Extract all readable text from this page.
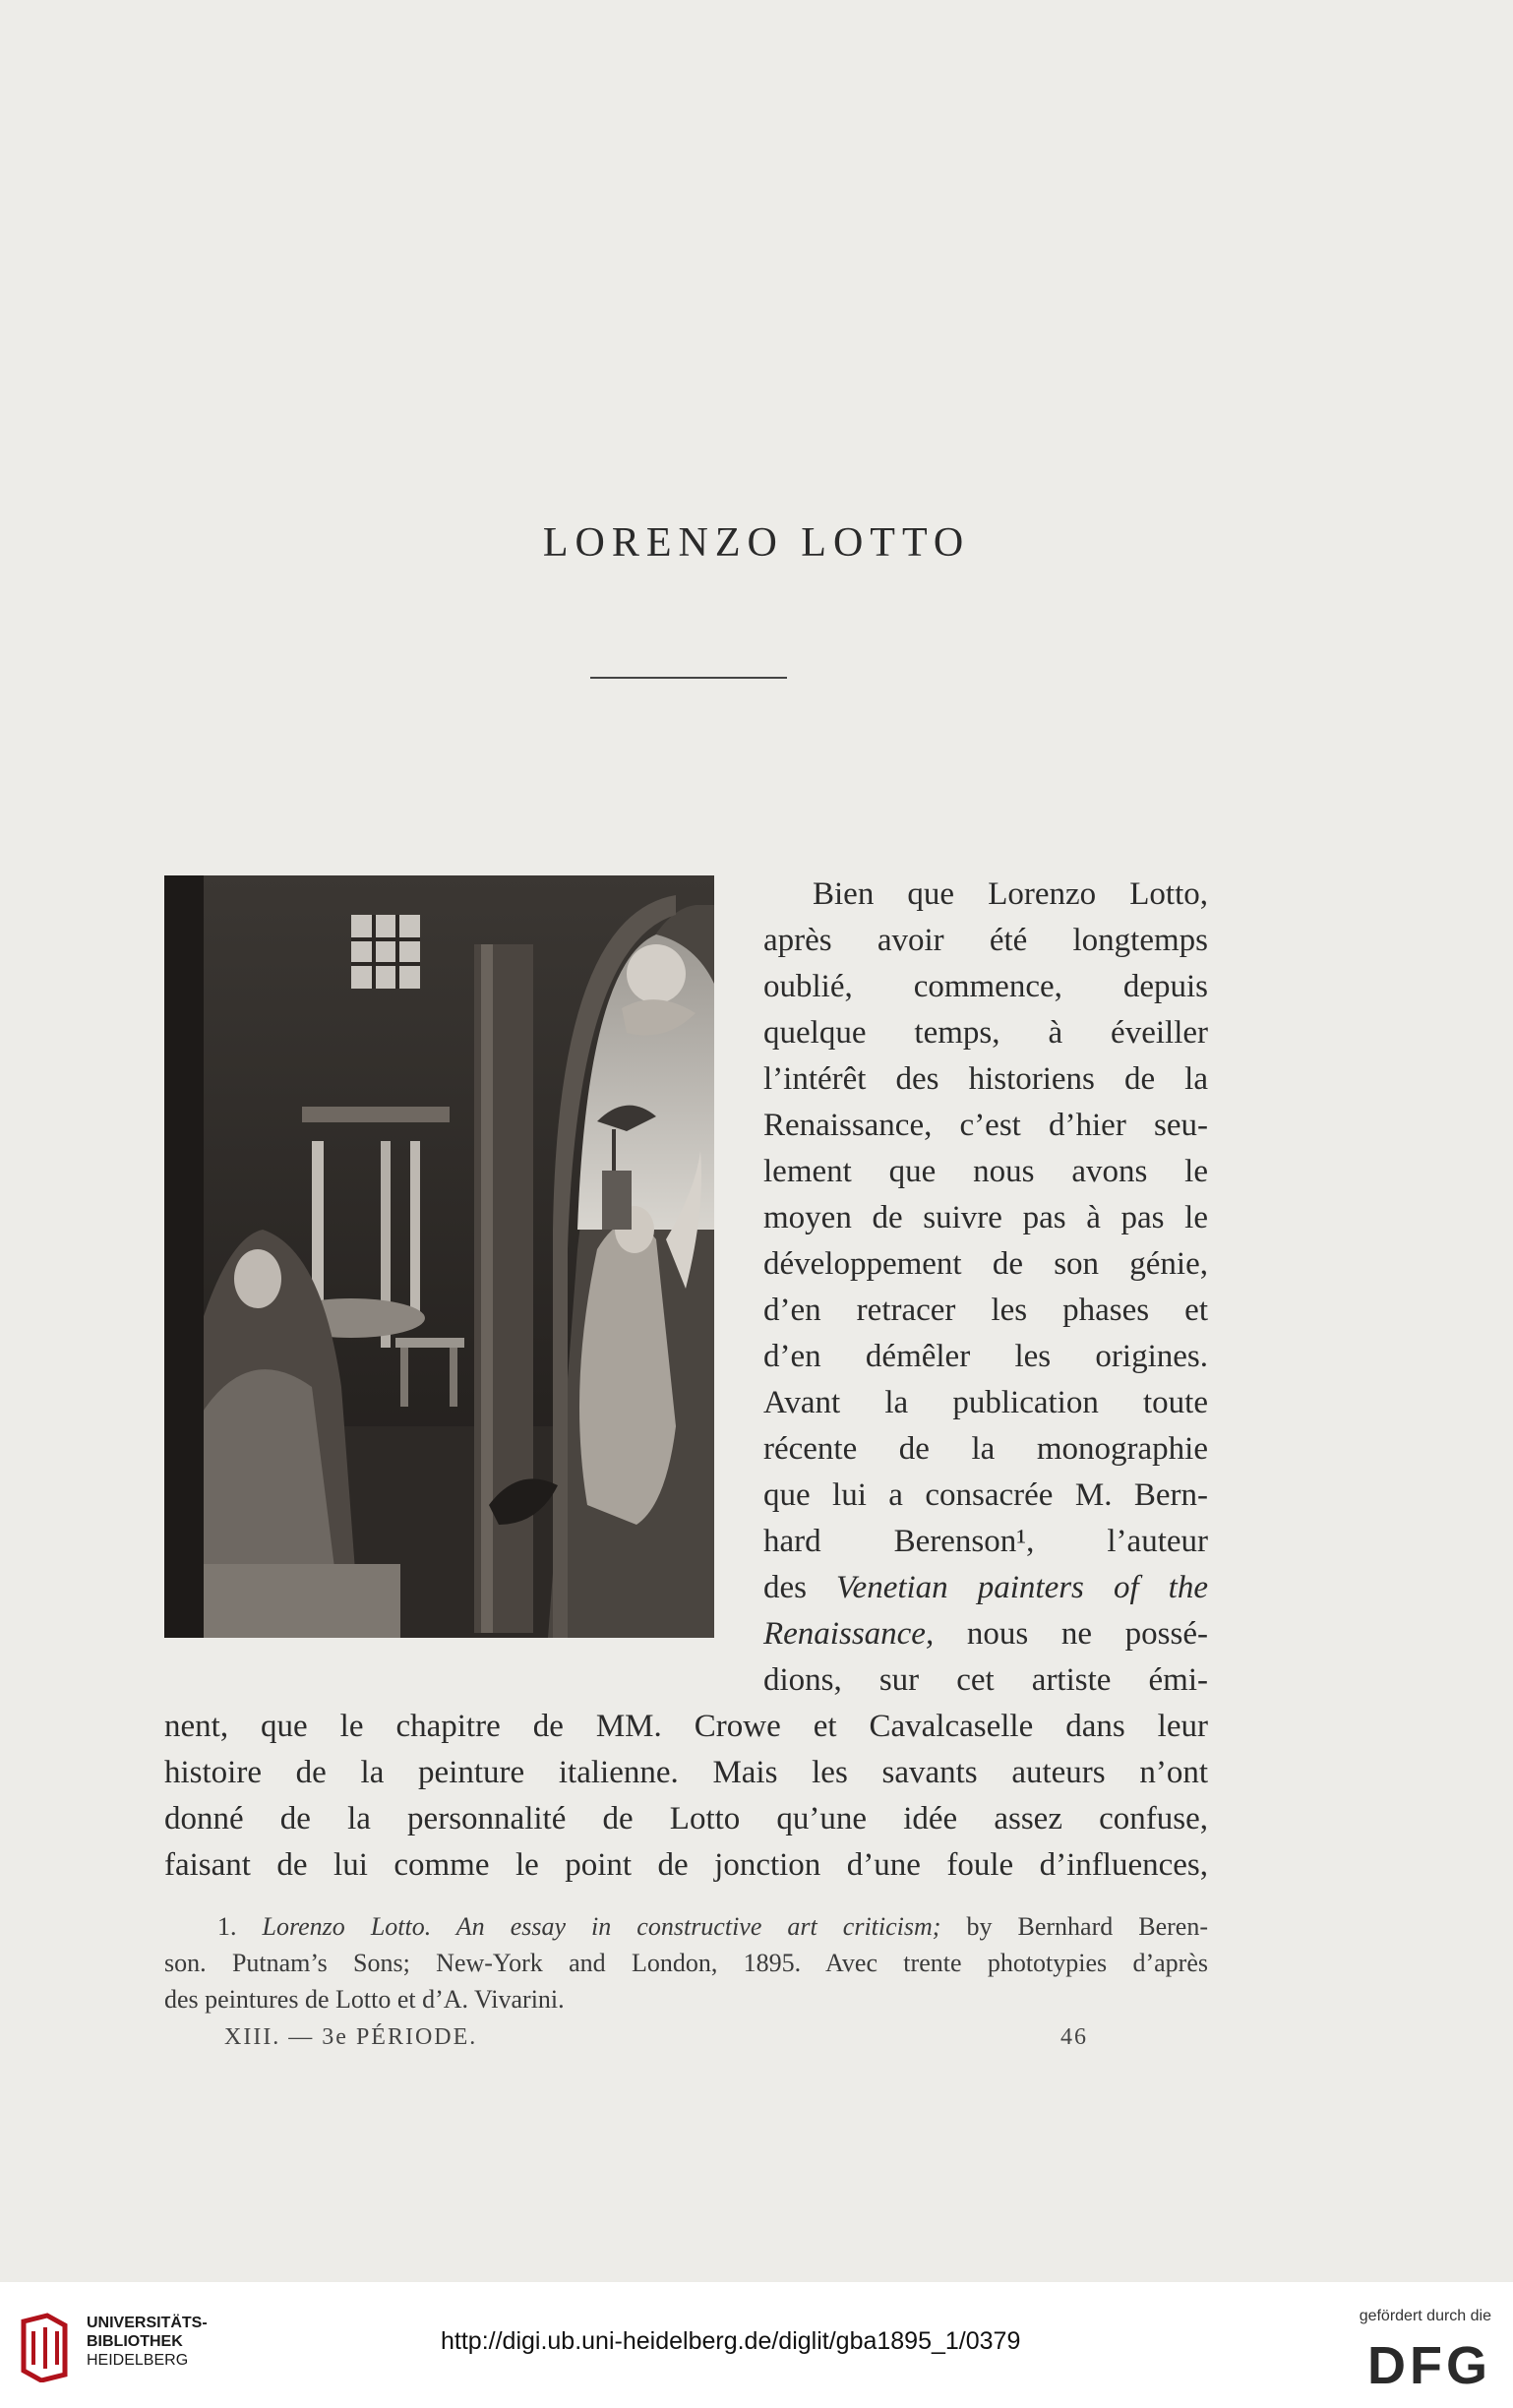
LORENZO LOTTO
Bien que Lorenzo Lotto,
après avoir été longtemps
oublié, commence, depuis
quelque temps, à éveiller
l’intérêt des historiens de la
Renaissance, c’est d’hier seu-
lement que nous avons le
moyen de suivre pas à pas le
développement de son génie,
d’en retracer les phases et
d’en démêler les origines.
Avant la publication toute
récente de la monographie
que lui a consacrée M. Bern-
hard Berenson¹, l’auteur
des Venetian painters of the
Renaissance, nous ne possé-
dions, sur cet artiste émi-
nent, que le chapitre de MM. Crowe et Cavalcaselle dans leur
histoire de la peinture italienne. Mais les savants auteurs n’ont
donné de la personnalité de Lotto qu’une idée assez confuse,
faisant de lui comme le point de jonction d’une foule d’influences,
1. Lorenzo Lotto. An essay in constructive art criticism; by Bernhard Beren-
son. Putnam’s Sons; New-York and London, 1895. Avec trente phototypies d’après
des peintures de Lotto et d’A. Vivarini.
XIII. — 3e PÉRIODE.	46
UNIVERSITÄTS-
BIBLIOTHEK
HEIDELBERG
http://digi.ub.uni-heidelberg.de/diglit/gba1895_1/0379
gefördert durch die
DFG
